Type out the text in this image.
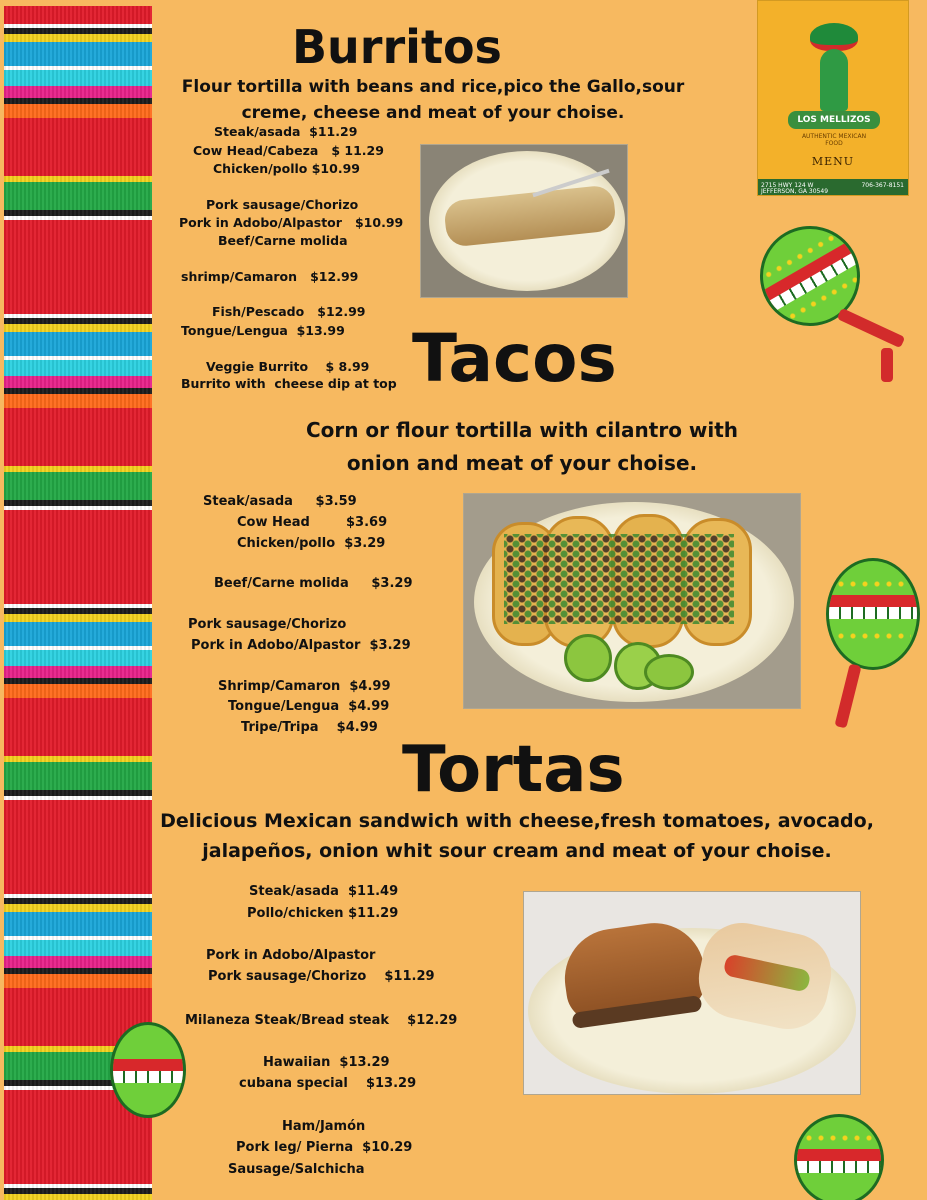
LOS MELLIZOS
AUTHENTIC MEXICAN FOOD
MENU
2715 HWY 124 W
JEFFERSON, GA 30549
706-367-8151
Burritos
Flour tortilla with beans and rice,pico the Gallo,sour
creme, cheese and meat of your choise.
Steak/asada  $11.29
Cow Head/Cabeza   $ 11.29
Chicken/pollo $10.99
Pork sausage/Chorizo
Pork in Adobo/Alpastor   $10.99
Beef/Carne molida
shrimp/Camaron   $12.99
Fish/Pescado   $12.99
Tongue/Lengua  $13.99
Veggie Burrito    $ 8.99
Burrito with  cheese dip at top Tacos
Corn or flour tortilla with cilantro with
onion and meat of your choise.
Steak/asada     $3.59
Cow Head        $3.69
Chicken/pollo  $3.29
Beef/Carne molida     $3.29
Pork sausage/Chorizo
Pork in Adobo/Alpastor  $3.29
Shrimp/Camaron  $4.99
Tongue/Lengua  $4.99
Tripe/Tripa    $4.99
Tortas
Delicious Mexican sandwich with cheese,fresh tomatoes, avocado,
jalapeños, onion whit sour cream and meat of your choise.
Steak/asada  $11.49
Pollo/chicken $11.29
Pork in Adobo/Alpastor
Pork sausage/Chorizo    $11.29
Milaneza Steak/Bread steak    $12.29
Hawaiian  $13.29
cubana special    $13.29
Ham/Jamón
Pork leg/ Pierna  $10.29
Sausage/Salchicha
